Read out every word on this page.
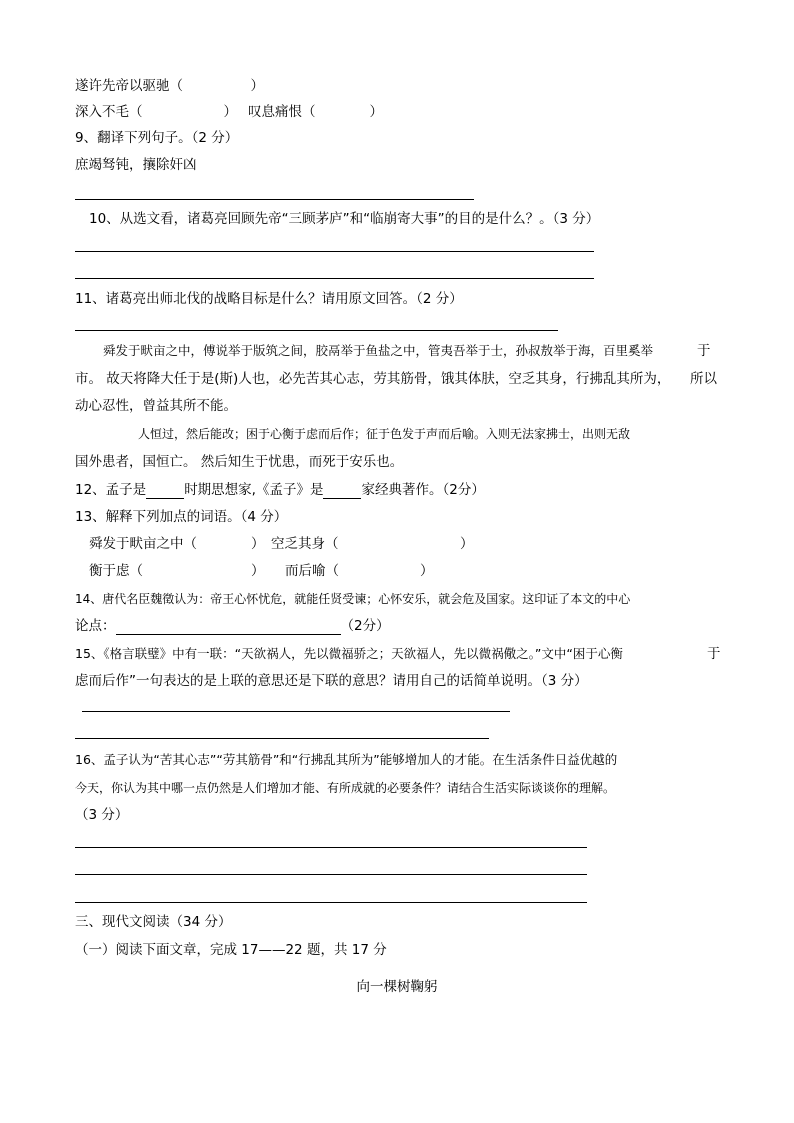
遂许先帝以驱驰（　　　　　）
深入不毛（　　　　　　） 叹息痛恨（　　　　）
9、翻译下列句子。（2 分）
庶竭驽钝，攘除奸凶
10、从选文看，诸葛亮回顾先帝“三顾茅庐”和“临崩寄大事”的目的是什么？。（3 分）
11、诸葛亮出师北伐的战略目标是什么？请用原文回答。（2 分）
舜发于畎亩之中，傅说举于版筑之间，胶鬲举于鱼盐之中，管夷吾举于士，孙叔敖举于海，百里奚举	于
市。 故天将降大任于是(斯)人也，必先苦其心志，劳其筋骨，饿其体肤，空乏其身，行拂乱其所为， 所以
动心忍性，曾益其所不能。
人恒过，然后能改；困于心衡于虑而后作；征于色发于声而后喻。入则无法家拂士，出则无敌
国外患者，国恒亡。 然后知生于忧患，而死于安乐也。
12、孟子是	时期思想家,《孟子》是	家经典著作。（2分）
13、解释下列加点的词语。（4 分）
舜发于畎亩之中（　　　　） 空乏其身（　　　　　　　　　）
衡于虑（　　　　　　　　） 而后喻（　　　　　　）
14、唐代名臣魏徵认为：帝王心怀忧危，就能任贤受谏；心怀安乐，就会危及国家。这印证了本文的中心
论点：	（2分）
15、《格言联璧》中有一联：“天欲祸人，先以微福骄之；天欲福人，先以微祸儆之。”文中“困于心衡	于
虑而后作”一句表达的是上联的意思还是下联的意思？请用自己的话简单说明。（3 分）
16、孟子认为“苦其心志”“劳其筋骨”和“行拂乱其所为”能够增加人的才能。在生活条件日益优越的
今天，你认为其中哪一点仍然是人们增加才能、有所成就的必要条件？请结合生活实际谈谈你的理解。
（3 分）
三、现代文阅读（34 分）
（一）阅读下面文章，完成 17——22 题，共 17 分
向一棵树鞠躬
